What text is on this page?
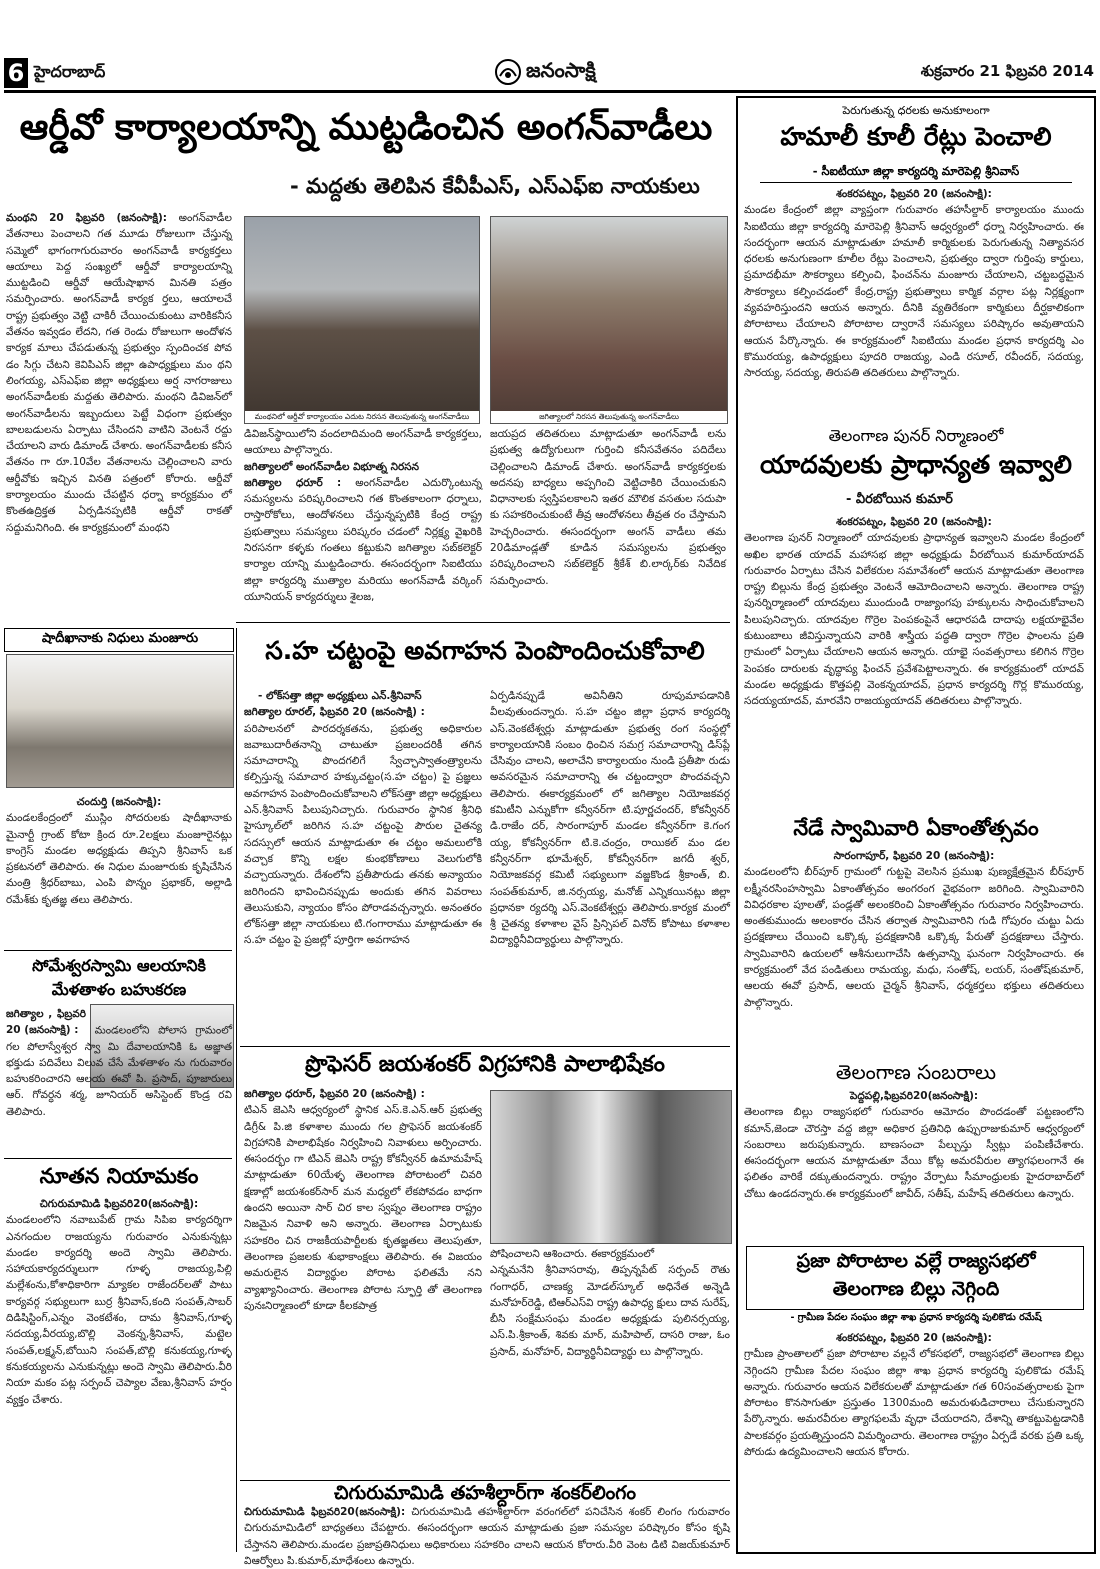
6 హైదరాబాద్	జనంసాక్షి	శుక్రవారం 21 ఫిబ్రవరి 2014
ఆర్డీవో కార్యాలయాన్ని ముట్టడించిన అంగన్‌వాడీలు
- మద్దతు తెలిపిన కేవీపీఎస్‌, ఎస్‌ఎఫ్‌ఐ నాయకులు
మంథని 20 ఫిబ్రవరి (జనంసాక్షి): అంగన్‌వాడీల వేతనాలు పెంచాలని గత మూడు రోజులుగా చేస్తున్న సమ్మెలో భాగంగాగురువారం అంగన్‌వాడీ కార్యకర్తలు ఆయాలు పెద్ద సంఖ్యలో ఆర్డీవో కార్యాలయాన్ని ముట్టడించి ఆర్డీవో ఆయేషాఖాన మినతి పత్రం సమర్పించారు. అంగన్‌వాడీ కార్యక ర్తలు, ఆయాలచే రాష్ట్ర ప్రభుత్వం వెట్టి చాకిరీ చేయించుకుంటు వారికికనీస వేతనం ఇవ్వడం లేదని, గత రెండు రోజులుగా అందోళన కార్యక మాలు చేపడుతున్న ప్రభుత్వం స్పందించక పోవ డం సిగ్గు చేటని కెవిపిఎస్‌ జిల్లా ఉపాధ్యక్షులు మం థని లింగయ్య, ఎస్‌ఎఫ్‌ఐ జిల్లా అధ్యక్షులు అర్ష నాగరాజులు అంగన్‌వాడీలకు మద్దతు తెలిపారు. మంథని డివిజన్‌లో అంగన్‌వాడీలను ఇబ్బందులు పెట్టే విధంగా ప్రభుత్వం బాలబడులను ఏర్పాటు చేసిందని వాటిని వెంటనే రద్దు చేయాలని వారు డిమాండ్‌ చేశారు. అంగన్‌వాడీలకు కనీస వేతనం గా రూ.10వేల వేతనాలను చెల్లించాలని వారు ఆర్డీవోకు ఇచ్చిన వినతి పత్రంలో కోరారు. ఆర్డీవో కార్యాలయం ముందు చేపట్టిన ధర్నా కార్యక్రమం లో కొంతఉద్రిక్తత ఏర్పడినప్పటికి ఆర్డీవో రాకతో సద్దుమనిగింది. ఈ కార్యక్రమంలో మంథని
మంథనిలో ఆర్డీవో కార్యాలయం ఎదుట నిరసన తెలుపుతున్న అంగన్‌వాడీలు	జగిత్యాలలో నిరసన తెలుపుతున్న అంగన్‌వాడీలు
డివిజన్‌స్థాయిలోని వందలాదిమంది అంగన్‌వాడీ కార్యకర్తలు, ఆయాలు పాల్గొన్నారు.
జగిత్యాలలో అంగన్‌వాడీల విభూత్న నిరసన
జగిత్యాల ధరూర్‌ : అంగన్‌వాడీల ఎదుర్కొంటున్న సమస్యలను పరిష్కరించాలని గత కొంతకాలంగా ధర్నాలు, రాస్తారోకోలు, ఆందోళనలు చేస్తున్నప్పటికి కేంద్ర రాష్ట్ర ప్రభుత్వాలు సమస్యలు పరిష్కరం చడంలో నిర్లక్ష్య వైఖరికి నిరసనగా కళ్ళకు గంతలు కట్టుకుని జగిత్యాల సబ్‌కలెక్టర్‌ కార్యాల యాన్ని ముట్టడించారు. ఈసందర్భంగా సిఐటియు జిల్లా కార్యదర్శి ముత్యాల మరియు అంగన్‌వాడీ వర్కింగ్‌ యూనియన్‌ కార్యదర్శులు శైలజ,
జయప్రద తదితరులు మాట్లాడుతూ అంగన్‌వాడీ లను ప్రభుత్వ ఉద్యోగులుగా గుర్తించి కనీసవేతనం పదిదేలు చెల్లించాలని డిమాండ్‌ చేశారు. అంగన్‌వాడీ కార్యకర్తలకు అదనపు బాధ్యలు అప్పగించి వెట్టిచాకిరి చేయించుకుని విధానాలకు స్వస్తిపలకాలని ఇతర మౌలిక వసతుల సదుపా కు సహకరించుకుంటే తీవ్ర ఆందోళనలు తీవ్రత రం చేస్తామని హెచ్చరించారు. ఈసందర్భంగా అంగన్‌ వాడీలు తమ 20డిమాండ్లతో కూడిన సమస్యలను ప్రభుత్వం పరిష్కరించాలని సబ్‌కలెక్టర్‌ శ్రీకేశ్‌ బి.లార్కర్‌కు నివేదిక సమర్పించారు.
షాదీఖానాకు నిధులు మంజూరు
చందుర్తి (జనంసాక్షి):
మండలకేంద్రంలో ముస్లిం సోదరులకు షాదీఖానాకు మైనార్టీ గ్రాంట్‌ కోటా క్రింద రూ.2లక్షలు మంజూరైనట్లు కాంగ్రెస్‌ మండల అధ్యక్షుడు తిప్పని శ్రీనివాస్‌ ఒక ప్రకటనలో తెలిపారు. ఈ నిధుల మంజూరుకు కృషిచేసిన మంత్రి శ్రీధర్‌బాబు, ఎంపి పొన్నం ప్రభాకర్‌, అల్లాడి రమేశ్‌కు కృతజ్ఞ తలు తెలిపారు.
సోమేశ్వరస్వామి ఆలయానికి
మేళతాళం బహుకరణ
జగిత్యాల , ఫిబ్రవరి 20 (జనంసాక్షి) : మండలంలోని పోలాస గ్రామంలో గల పోలాస్వేశ్వర స్వా మి దేవాలయానికి ఓ అజ్ఞాత భక్తుడు పదివేలు విలువ చేసే మేళతాళం ను గురువారం బహుకరించారని ఆలయ ఈవో పి. ప్రసాద్‌, పూజారులు ఆర్‌. గోవర్ధన శర్మ, జూనియర్‌ అసిస్టెంట్‌ కొండ్ర రవి తెలిపారు.
నూతన నియామకం
చిగురుమామిడి ఫిబ్రవరి20(జనంసాక్షి):
మండలంలోని నవాబుపేట్‌ గ్రామ సిపిఐ కార్యదర్శిగా ఎనగందుల రాజయ్యను గురువారం ఎనుకున్నట్లు మండల కార్యదర్శి అందె స్వామి తెలిపారు. సహాయకార్యదర్శులుగా గూళ్ళ రాజయ్య,పిల్లి మల్లేశంను,కోశాధికారిగా మ్యాకల రాజేందర్‌లతో పాటు కార్యవర్గ సభ్యులుగా బుర్ర శ్రీనివాస్‌,కంది సంపత్‌,సాబర్‌ దిడిషిస్టింగ్‌,ఎన్నం వెంకటేశం, దామ శ్రీనివాస్‌,గూళ్ళ సదయ్య,వీరయ్య,బొల్లి వెంకన్న,శ్రీనివాస్‌, మట్టెల సంపత్‌,లక్ష్మన్‌,బోయిని సంపత్‌,బొల్లి కనుకయ్య,గూళ్ళ కనుకయ్యలను ఎనుకున్నట్లు అందె స్వామి తెలిపారు.వీరి నియా మకం పట్ల సర్పంచ్‌ చెప్యాల వేణు,శ్రీనివాస్‌ హర్షం వ్యక్తం చేశారు.
స.హ చట్టంపై అవగాహన పెంపొందించుకోవాలి
- లోక్‌సత్తా జిల్లా అధ్యక్షులు ఎన్‌.శ్రీనివాస్‌
జగిత్యాల రూరల్‌, ఫిబ్రవరి 20 (జనంసాక్షి) :
పరిపాలనలో పారదర్శకతను, ప్రభుత్వ అధికారుల జవాబుదారీతనాన్ని చాటుతూ ప్రజలందరికీ తగిన సమాచారాన్ని పొందగలిగే స్వేచ్ఛాస్వాతంత్ర్యాలను కల్పిస్తున్న సమాచార హక్కుచట్టం(స.హ చట్టం) పై ప్రజ్ఞలు అవగాహన పెంపొందించుకోవాలని లోక్‌సత్తా జిల్లా అధ్యక్షులు ఎన్‌.శ్రీనివాస్‌ పిలుపునిచ్చారు. గురువారం స్థానిక శ్రీనిధి హైస్కూల్‌లో జరిగిన స.హ చట్టంపై పౌరుల చైతన్య సదస్సులో ఆయన మాట్లాడుతూ ఈ చట్టం అమలులోకి వచ్చాక కొన్ని లక్షల కుంభకోణాలు వెలుగులోకి వచ్చాయన్నారు. దేశంలోని ప్రతీపౌరుడు తనకు అన్యాయం జరిగిందని భావించినప్పుడు అందుకు తగిన వివరాలు తెలుసుకుని, న్యాయం కోసం పోరాడవచ్చన్నారు. అనంతరం లోక్‌సత్తా జిల్లా నాయకులు టి.గంగారాము మాట్లాడుతూ ఈ స.హ చట్టం పై ప్రజల్లో పూర్తిగా అవగాహన
ఏర్పడినప్పుడే అవినీతిని రూపుమాపడానికి వీలవుతుందన్నారు. స.హ చట్టం జిల్లా ప్రధాన కార్యదర్శి ఎస్‌.వెంకటేశ్వర్లు మాట్లాడుతూ ప్రభుత్వ రంగ సంస్థల్లో కార్యాలయానికి సంబం ధించిన సమగ్ర సమాచారాన్ని డిస్‌ప్లే చేసివుం చాలని, అలాచేని కార్యాలయం నుండి ప్రతీపౌ రుడు అవసరమైన సమాచారాన్ని ఈ చట్టంద్వారా పొందవచ్చని తెలిపారు. ఈకార్యక్రమంలో లో జగిత్యాల నియోజకవర్గ కమిటీని ఎన్నుకోగా కన్వీనర్‌గా టి.పూర్ణచందర్‌, కోకన్వీనర్‌ డి.రాజేం దర్‌, సారంగాపూర్‌ మండల కన్వీనర్‌గా కె.గంగ య్య, కోకన్వీనర్‌గా టి.కె.చంద్రం, రాయికల్‌ మం డల కన్వీనర్‌గా భూమేశ్వర్‌, కోకన్వీనర్‌గా జగదీ శ్వర్‌, నియోజకవర్గ కమిటీ సభ్యులుగా వజ్జకొండ శ్రీకాంత్‌, బి. సంపత్‌కుమార్‌, జి.నర్సయ్య, మనోజ్‌ ఎన్నికయినట్లు జిల్లా ప్రధానకా ర్యదర్శి ఎస్‌.వెంకటేశ్వర్లు తెలిపారు.కార్యక మంలో శ్రీ చైతన్య కళాశాల వైస్‌ ప్రిన్సిపల్‌ వినోద్‌ కోపాటు కళాశాల విద్యార్థినీవిద్యార్థులు పాల్గొన్నారు.
ప్రొఫెసర్‌ జయశంకర్‌ విగ్రహానికి పాలాభిషేకం
జగిత్యాల ధరూర్‌, ఫిబ్రవరి 20 (జనంసాక్షి) :
టిఎన్‌ జెఎసి ఆధ్వర్యంలో స్థానిక ఎస్‌.కె.ఎన్‌.ఆర్‌ ప్రభుత్వ డిగ్రీ& పి.జి కళాశాల ముందు గల ప్రొఫెసర్‌ జయశంకర్‌ విగ్రహానికి పాలాభిషేకం నిర్వహించి నివాళులు అర్పించారు. ఈసందర్భం గా టిఎన్‌ జెఎసి రాష్ట్ర కోకన్వీనర్‌ ఉమామహేష్‌ మాట్లాడుతూ 60యేళ్ళ తెలంగాణ పోరాటంలో చివరి క్షణాల్లో జయశంకర్‌సార్‌ మన మధ్యలో లేకపోవడం బాధగా ఉందని అయినా సార్‌ చిర కాల స్వప్నం తెలంగాణ రాష్ట్రం నిజమైన నివాళి అని అన్నారు. తెలంగాణ ఏర్పాటుకు సహకరిం చిన రాజకీయపార్టీలకు కృతజ్ఞతలు తెలుపుతూ, తెలంగాణ ప్రజలకు శుభాకాంక్షలు తెలిపారు. ఈ విజయం అమరులైన విద్యార్థుల పోరాట ఫలితమే నని వ్యాఖ్యానించారు. తెలంగాణ పోరాట స్ఫూర్తి తో తెలంగాణ పునఃనిర్మాణంలో కూడా కీలకపాత్ర
పోషించాలని ఆశించారు. ఈకార్యక్రమంలో
ఎన్నమనేని శ్రీనివాసరావు, తిప్పన్నపేట్‌ సర్పంచ్‌ రౌతు గంగాధర్‌, చాణక్య మోడల్‌స్కూల్‌ అధినేత అన్నెడి మనోహర్‌రెడ్డి, టిఆర్‌ఎస్‌వి రాష్ట్ర ఉపాధ్య క్షులు దావ సురేష్‌, బీసి సంక్షేమసంఘ మండల అధ్యక్షుడు పులినర్సయ్య, ఎస్‌.పి.శ్రీకాంత్‌, శివకు మార్‌, మహిపాల్‌, దాసరి రాజు, ఓం ప్రసాద్‌, మనోహర్‌, విద్యార్థినీవిద్యార్థు లు పాల్గొన్నారు.
చిగురుమామిడి తహశీల్దార్‌గా శంకర్‌లింగం
చిగురుమామిడి ఫిబ్రవరి20(జనంసాక్షి): చిగురుమామిడి తహశీల్దార్‌గా వరంగల్‌లో పనిచేసిన శంకర్‌ లింగం గురువారం చిగురుమామిడిలో బాధ్యతలు చేపట్టారు. ఈసందర్భంగా ఆయన మాట్లాడుతు ప్రజా సమస్యల పరిష్కారం కోసం కృషి చేస్తానని తెలిపారు.మండల ప్రజాప్రతినిధులు అధికారులు సహకరిం చాలని ఆయన కోరారు.వీరి వెంట డిటి విజయ్‌కుమార్‌ విఆర్వోలు పి.కుమార్‌,మాధేశంలు ఉన్నారు.
పెరుగుతున్న ధరలకు అనుకూలంగా
హమాలీ కూలీ రేట్లు పెంచాలి
- సీఐటీయూ జిల్లా కార్యదర్శి మారెపెల్లి శ్రీనివాస్‌
శంకరపట్నం, ఫిబ్రవరి 20 (జనంసాక్షి):
మండల కేంద్రంలో జిల్లా వ్యాప్తంగా గురువారం తహసీల్దార్‌ కార్యాలయం ముందు సిఐటియు జిల్లా కార్యదర్శి మారెపెల్లి శ్రీనివాస్‌ ఆధ్వర్యంలో ధర్నా నిర్వహించారు. ఈ సందర్భంగా ఆయన మాట్లాడుతూ హమాలీ కార్మికులకు పెరుగుతున్న నిత్యావసర ధరలకు అనుగుణంగా కూలీల రేట్లు పెంచాలని, ప్రభుత్వం ద్వారా గుర్తింపు కార్డులు, ప్రమాదభీమా సౌకర్యాలు కల్పించి, ఫించన్‌ను మంజూరు చేయాలని, చట్టబద్ధమైన సౌకర్యాలు కల్పించడంలో కేంద్ర,రాష్ట్ర ప్రభుత్వాలు కార్మిక వర్గాల పట్ల నిర్లక్ష్యంగా వ్యవహరిస్తుందని ఆయన అన్నారు. దీనికి వ్యతిరేకంగా కార్మికులు దీర్ఘకాలికంగా పోరాటాలు చేయాలని పోరాటాల ద్వారానే సమస్యలు పరిష్కారం అవుతాయని ఆయన పేర్కొన్నారు. ఈ కార్యక్రమంలో సిఐటియు మండల ప్రధాన కార్యదర్శి ఎం కొమురయ్య, ఉపాధ్యక్షులు పూదరి రాజయ్య, ఎండి రసూల్‌, రవీందర్‌, సదయ్య, సారయ్య, సదయ్య, తిరుపతి తదితరులు పాల్గొన్నారు.
తెలంగాణ పునర్‌ నిర్మాణంలో
యాదవులకు ప్రాధాన్యత ఇవ్వాలి
- వీరబోయిన కుమార్‌
శంకరపట్నం, ఫిబ్రవరి 20 (జనంసాక్షి):
తెలంగాణ పునర్‌ నిర్మాణంలో యాదవులకు ప్రాధాన్యత ఇవ్వాలని మండల కేంద్రంలో అఖిల భారత యాదవ్‌ మహాసభ జిల్లా అధ్యక్షుడు వీరబోయిన కుమార్‌యాదవ్‌ గురువారం ఏర్పాటు చేసిన విలేకరుల సమావేశంలో ఆయన మాట్లాడుతూ తెలంగాణ రాష్ట్ర బిల్లును కేంద్ర ప్రభుత్వం వెంటనే ఆమోదించాలని అన్నారు. తెలంగాణ రాష్ట్ర పునర్నిర్మాణంలో యాదవులు ముందుండి రాజ్యాంగపు హక్కులను సాధించుకోవాలని పిలుపునిచ్చారు. యాదవుల గొర్రెల పెంపకంపైనే ఆధారపడి దాదాపు లక్షయాభైవేల కుటుంబాలు జీవిస్తున్నాయని వారికి శాస్త్రీయ పద్ధతి ద్వారా గొర్రెల ఫాంలను ప్రతి గ్రామంలో ఏర్పాటు చేయాలని ఆయన అన్నారు. యాభై సంవత్సరాలు కలిగిన గొర్రెల పెంపకం దారులకు వృద్ధాప్య ఫించన్‌ ప్రవేశపెట్టాలన్నారు. ఈ కార్యక్రమంలో యాదవ్‌ మండల అధ్యక్షుడు కొత్తపల్లి వెంకన్నయాదవ్‌, ప్రధాన కార్యదర్శి గొర్ల కొమురయ్య, సదయ్యయాదవ్‌, మారవేని రాజయ్యయాదవ్‌ తదితరులు పాల్గొన్నారు.
నేడే స్వామివారి ఏకాంతోత్సవం
సారంగాపూర్‌, ఫిబ్రవరి 20 (జనంసాక్షి):
మండలంలోని బీర్‌పూర్‌ గ్రామంలో గుట్టపై వెలసిన ప్రముఖ పుణ్యక్షేత్రమైన బీర్‌పూర్‌ లక్ష్మీనరసింహస్వామి ఏకాంతోత్సవం అంగరంగ వైభవంగా జరిగింది. స్వామివారిని వివిధరకాల పూలతో, పండ్లతో అలంకరించి ఏకాంతోత్సవం గురువారం నిర్వహించారు. అంతకుముందు అలంకారం చేసిన తర్వాత స్వామివారిని గుడి గోపురం చుట్టు ఏదు ప్రదక్షణాలు చేయించి ఒక్కొక్క ప్రదక్షణానికి ఒక్కొక్క పేరుతో ప్రదక్షణాలు చేస్తారు. స్వామివారిని ఉయలలో ఆశీనులుగాచేసి ఉత్సవాన్ని ఘనంగా నిర్వహించారు. ఈ కార్యక్రమంలో వేద పండితులు రామయ్య, మధు, సంతోష్‌, లయర్‌, సంతోష్‌కుమార్‌, ఆలయ ఈవో ప్రసాద్‌, ఆలయ చైర్మన్‌ శ్రీనివాస్‌, ధర్మకర్తలు భక్తులు తదితరులు పాల్గొన్నారు.
తెలంగాణ సంబరాలు
పెద్దపల్లి,ఫిబ్రవరి20(జనంసాక్షి):
తెలంగాణ బిల్లు రాజ్యసభలో గురువారం ఆమోదం పొందడంతో పట్టణంలోని కమాన్‌,జెండా చౌరస్తా వద్ద జిల్లా అధికార ప్రతినిధి ఉప్పురాజుకుమార్‌ ఆధ్వర్యంలో సంబరాలు జరుపుకున్నారు. బాణసంచా పేల్చుస్తు స్వీట్లు పంపిణీచేశారు. ఈసందర్భంగా ఆయన మాట్లాడుతూ వేయి కోట్ల అమరవీరుల త్యాగఫలంగానే ఈ ఫలితం వారికే దక్కుతుందన్నారు. రాష్ట్రం వేర్పాటు సీమాంధ్రులకు హైదరాబాద్‌లో చోటు ఉండదన్నారు.ఈ కార్యక్రమంలో జావీద్‌, సతీష్‌, మహేష్‌ తదితరులు ఉన్నారు.
ప్రజా పోరాటాల వల్లే రాజ్యసభలో
తెలంగాణ బిల్లు నెగ్గింది
- గ్రామీణ పేదల సంఘం జిల్లా శాఖ ప్రధాన కార్యదర్శి పులికొడు రమేష్‌
శంకరపట్నం, ఫిబ్రవరి 20 (జనంసాక్షి):
గ్రామీణ ప్రాంతాలలో ప్రజా పోరాటాల వల్లనే లోకసభలో, రాజ్యసభలో తెలంగాణ బిల్లు నెగ్గిందని గ్రామీణ పేదల సంఘం జిల్లా శాఖ ప్రధాన కార్యదర్శి పులికొడు రమేష్‌ అన్నారు. గురువారం ఆయన విలేకరులతో మాట్లాడుతూ గత 60సంవత్సరాలకు పైగా పోరాటం కొనసాగుతూ ప్రస్తుతం 1300మంది అమరుళుడిచారాలు చేసుకున్నారని పేర్కొన్నారు. అమరవీరుల త్యాగఫలమే వృధా చేయరాదని, దేశాన్ని తాకట్టుపెట్టడానికి పాలకవర్గం ప్రయత్నిస్తుందని విమర్శించారు. తెలంగాణ రాష్ట్రం ఏర్పడే వరకు ప్రతి ఒక్క పోరుడు ఉద్యమించాలని ఆయన కోరారు.
